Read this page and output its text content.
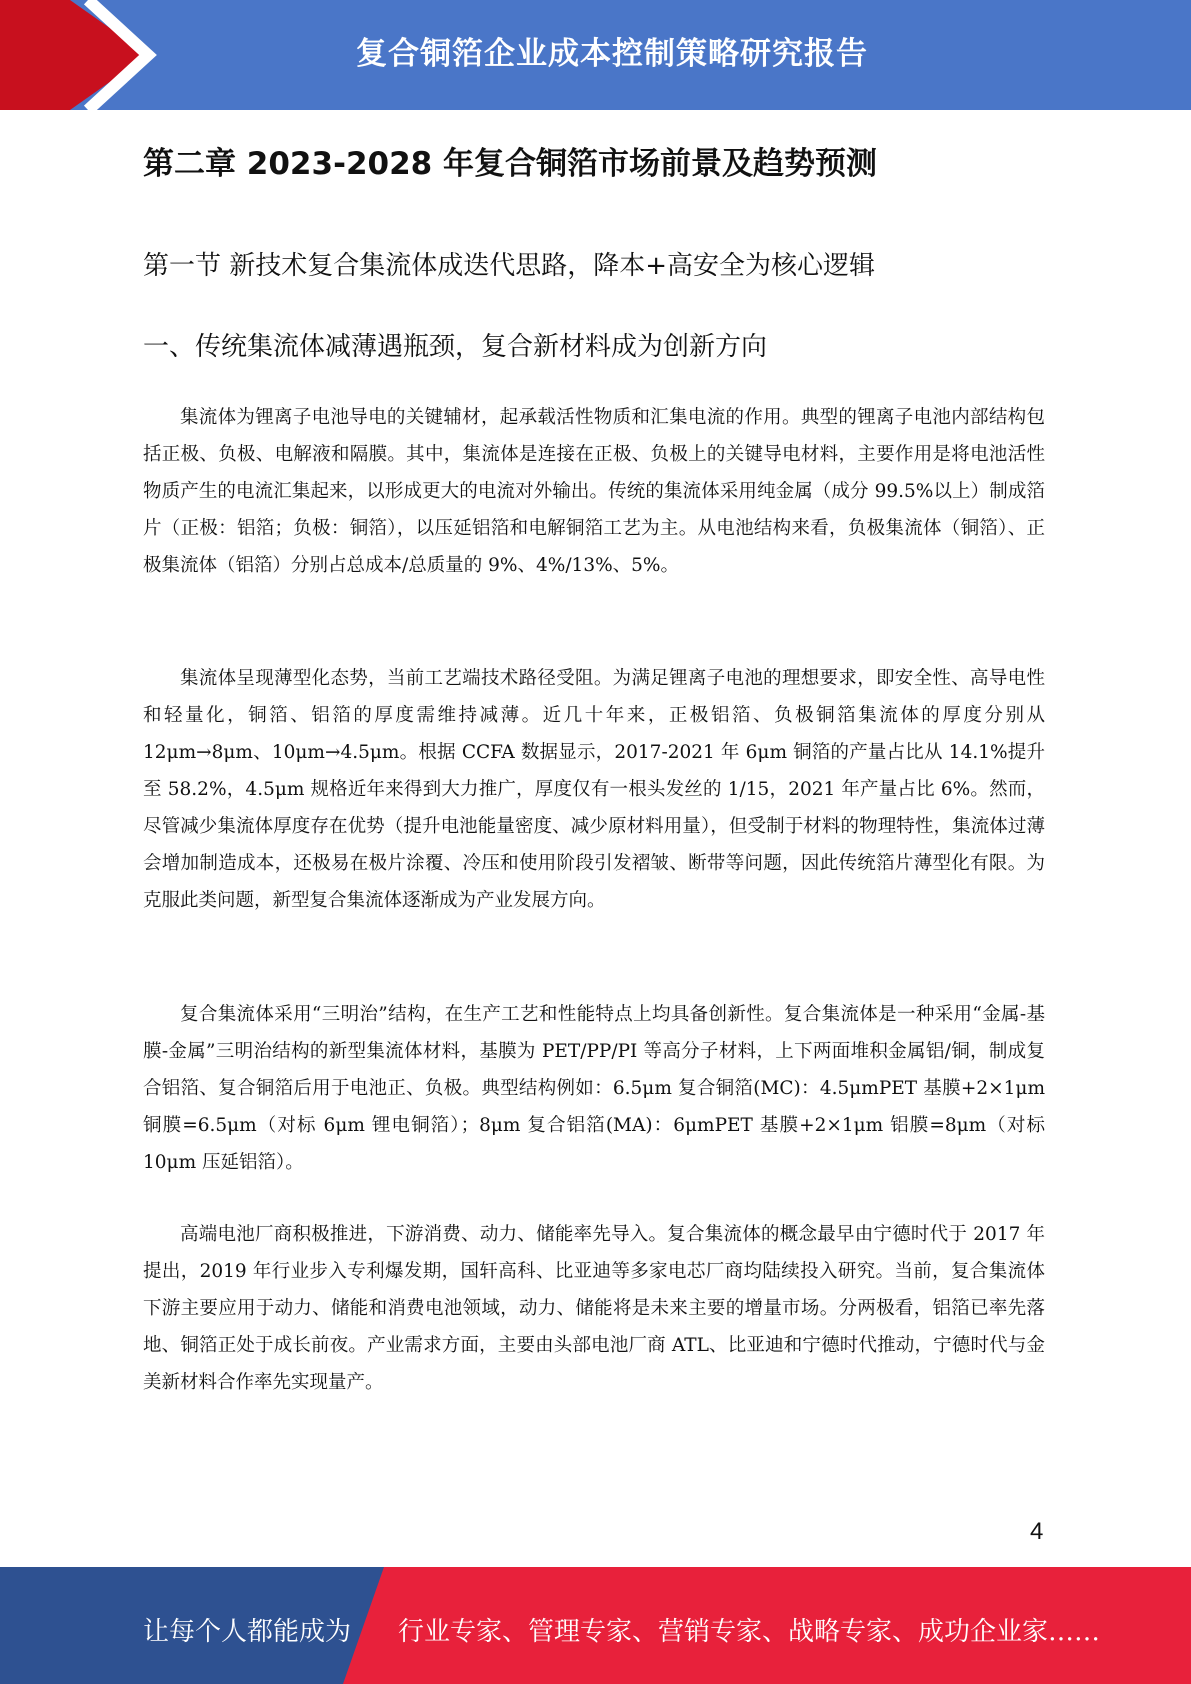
复合铜箔企业成本控制策略研究报告
第二章 2023-2028 年复合铜箔市场前景及趋势预测
第一节 新技术复合集流体成迭代思路，降本+高安全为核心逻辑
一、传统集流体减薄遇瓶颈，复合新材料成为创新方向
集流体为锂离子电池导电的关键辅材，起承载活性物质和汇集电流的作用。典型的锂离子电池内部结构包括正极、负极、电解液和隔膜。其中，集流体是连接在正极、负极上的关键导电材料，主要作用是将电池活性物质产生的电流汇集起来，以形成更大的电流对外输出。传统的集流体采用纯金属（成分 99.5%以上）制成箔片（正极：铝箔；负极：铜箔），以压延铝箔和电解铜箔工艺为主。从电池结构来看，负极集流体（铜箔）、正极集流体（铝箔）分别占总成本/总质量的 9%、4%/13%、5%。
集流体呈现薄型化态势，当前工艺端技术路径受阻。为满足锂离子电池的理想要求，即安全性、高导电性和轻量化，铜箔、铝箔的厚度需维持减薄。近几十年来，正极铝箔、负极铜箔集流体的厚度分别从 12μm→8μm、10μm→4.5μm。根据 CCFA 数据显示，2017-2021 年 6μm 铜箔的产量占比从 14.1%提升至 58.2%，4.5μm 规格近年来得到大力推广，厚度仅有一根头发丝的 1/15，2021 年产量占比 6%。然而，尽管减少集流体厚度存在优势（提升电池能量密度、减少原材料用量），但受制于材料的物理特性，集流体过薄会增加制造成本，还极易在极片涂覆、冷压和使用阶段引发褶皱、断带等问题，因此传统箔片薄型化有限。为克服此类问题，新型复合集流体逐渐成为产业发展方向。
复合集流体采用“三明治”结构，在生产工艺和性能特点上均具备创新性。复合集流体是一种采用“金属-基膜-金属”三明治结构的新型集流体材料，基膜为 PET/PP/PI 等高分子材料，上下两面堆积金属铝/铜，制成复合铝箔、复合铜箔后用于电池正、负极。典型结构例如：6.5μm 复合铜箔(MC)：4.5μmPET 基膜+2×1μm 铜膜=6.5μm（对标 6μm 锂电铜箔）；8μm 复合铝箔(MA)：6μmPET 基膜+2×1μm 铝膜=8μm（对标 10μm 压延铝箔）。
高端电池厂商积极推进，下游消费、动力、储能率先导入。复合集流体的概念最早由宁德时代于 2017 年提出，2019 年行业步入专利爆发期，国轩高科、比亚迪等多家电芯厂商均陆续投入研究。当前，复合集流体下游主要应用于动力、储能和消费电池领域，动力、储能将是未来主要的增量市场。分两极看，铝箔已率先落地、铜箔正处于成长前夜。产业需求方面，主要由头部电池厂商 ATL、比亚迪和宁德时代推动，宁德时代与金美新材料合作率先实现量产。
4
让每个人都能成为 行业专家、管理专家、营销专家、战略专家、成功企业家……
